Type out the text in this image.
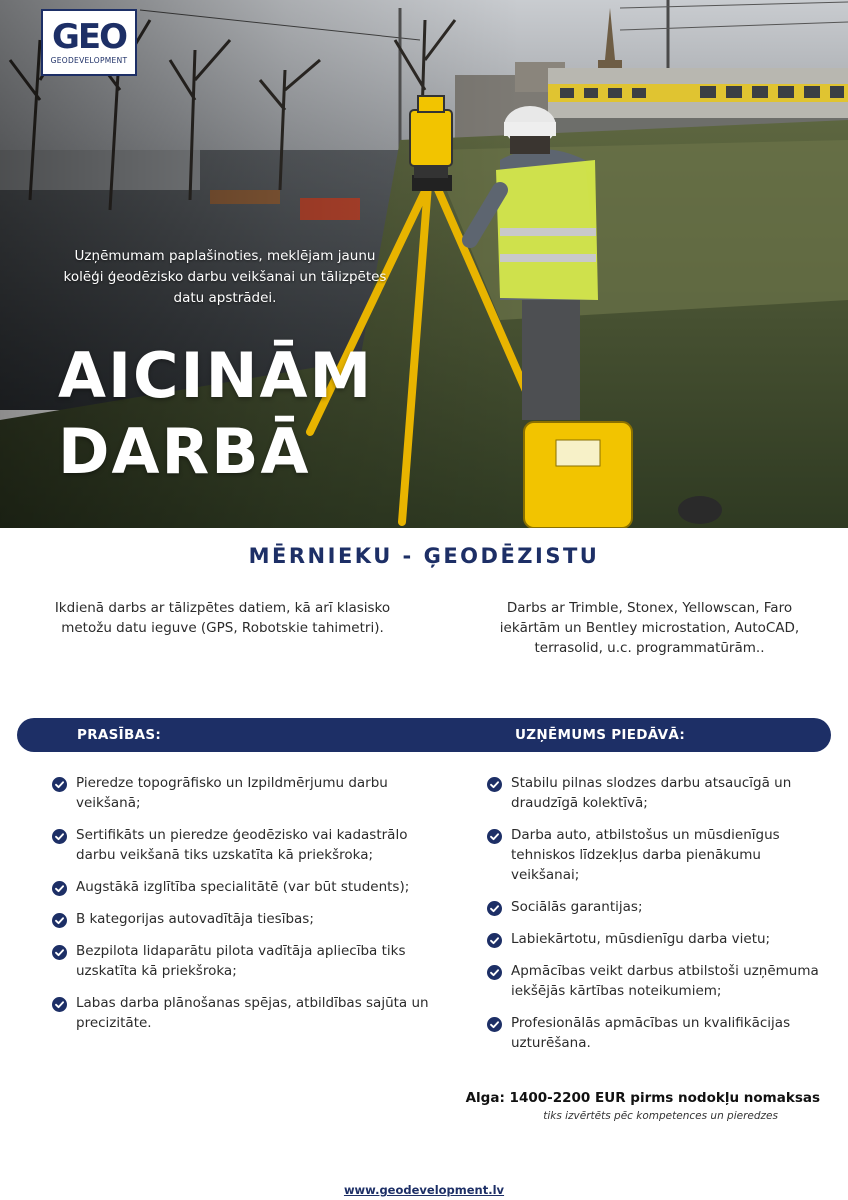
GEO
GEODEVELOPMENT
Uzņēmumam paplašinoties, meklējam jaunu kolēģi ģeodēzisko darbu veikšanai un tālizpētes datu apstrādei.
AICINĀM
DARBĀ
MĒRNIEKU - ĢEODĒZISTU
Ikdienā darbs ar tālizpētes datiem, kā arī klasisko metožu datu ieguve (GPS, Robotskie tahimetri).
Darbs ar Trimble, Stonex, Yellowscan, Faro iekārtām un Bentley microstation, AutoCAD, terrasolid, u.c. programmatūrām..
PRASĪBAS:	UZŅĒMUMS PIEDĀVĀ:
Pieredze topogrāfisko un Izpildmērjumu darbu veikšanā;
Sertifikāts un pieredze ģeodēzisko vai kadastrālo darbu veikšanā tiks uzskatīta kā priekšroka;
Augstākā izglītība specialitātē (var būt students);
B kategorijas autovadītāja tiesības;
Bezpilota lidaparātu pilota vadītāja apliecība tiks uzskatīta kā priekšroka;
Labas darba plānošanas spējas, atbildības sajūta un precizitāte.
Stabilu pilnas slodzes darbu atsaucīgā un draudzīgā kolektīvā;
Darba auto, atbilstošus un mūsdienīgus tehniskos līdzekļus darba pienākumu veikšanai;
Sociālās garantijas;
Labiekārtotu, mūsdienīgu darba vietu;
Apmācības veikt darbus atbilstoši uzņēmuma iekšējās kārtības noteikumiem;
Profesionālās apmācības un kvalifikācijas uzturēšana.
Alga: 1400-2200 EUR pirms nodokļu nomaksas
tiks izvērtēts pēc kompetences un pieredzes
www.geodevelopment.lv
